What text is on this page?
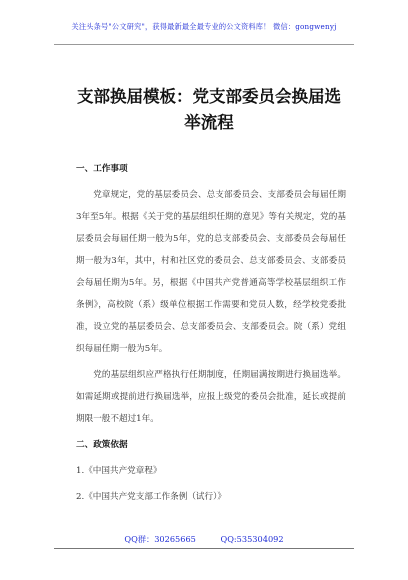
关注头条号"公文研究"，获得最新最全最专业的公文资料库！ 微信：gongwenyj
支部换届模板：党支部委员会换届选举流程
一、工作事项

党章规定，党的基层委员会、总支部委员会、支部委员会每届任期3年至5年。根据《关于党的基层组织任期的意见》等有关规定，党的基层委员会每届任期一般为5年，党的总支部委员会、支部委员会每届任期一般为3年，其中，村和社区党的委员会、总支部委员会、支部委员会每届任期为5年。另，根据《中国共产党普通高等学校基层组织工作条例》，高校院（系）级单位根据工作需要和党员人数，经学校党委批准，设立党的基层委员会、总支部委员会、支部委员会。院（系）党组织每届任期一般为5年。

党的基层组织应严格执行任期制度，任期届满按期进行换届选举。如需延期或提前进行换届选举，应报上级党的委员会批准，延长或提前期限一般不超过1年。

二、政策依据

1.《中国共产党章程》

2.《中国共产党支部工作条例（试行）》

QQ群：30265665	QQ:535304092
